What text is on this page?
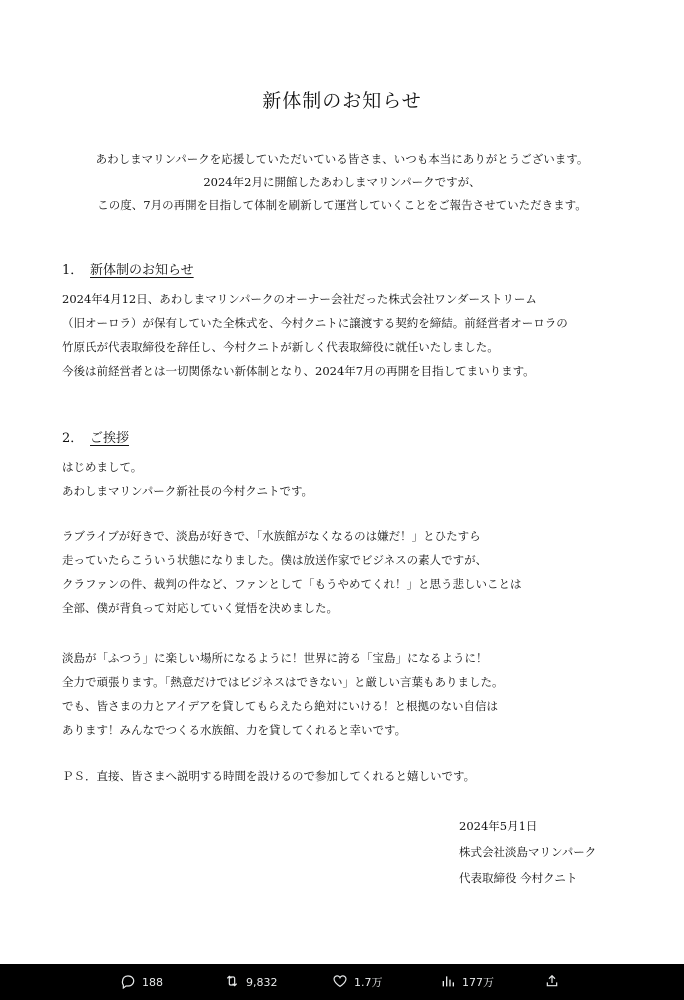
新体制のお知らせ
あわしまマリンパークを応援していただいている皆さま、いつも本当にありがとうございます。
2024年2月に開館したあわしまマリンパークですが、
この度、7月の再開を目指して体制を刷新して運営していくことをご報告させていただきます。
1． 新体制のお知らせ
2024年4月12日、あわしまマリンパークのオーナー会社だった株式会社ワンダーストリーム
（旧オーロラ）が保有していた全株式を、今村クニトに譲渡する契約を締結。前経営者オーロラの
竹原氏が代表取締役を辞任し、今村クニトが新しく代表取締役に就任いたしました。
今後は前経営者とは一切関係ない新体制となり、2024年7月の再開を目指してまいります。
2． ご挨拶
はじめまして。
あわしまマリンパーク新社長の今村クニトです。
ラブライブが好きで、淡島が好きで、「水族館がなくなるのは嫌だ！」とひたすら
走っていたらこういう状態になりました。僕は放送作家でビジネスの素人ですが、
クラファンの件、裁判の件など、ファンとして「もうやめてくれ！」と思う悲しいことは
全部、僕が背負って対応していく覚悟を決めました。
淡島が「ふつう」に楽しい場所になるように！世界に誇る「宝島」になるように！
全力で頑張ります。「熱意だけではビジネスはできない」と厳しい言葉もありました。
でも、皆さまの力とアイデアを貸してもらえたら絶対にいける！と根拠のない自信は
あります！みんなでつくる水族館、力を貸してくれると幸いです。
ＰＳ．直接、皆さまへ説明する時間を設けるので参加してくれると嬉しいです。
2024年5月1日
株式会社淡島マリンパーク
代表取締役 今村クニト
188	9,832	1.7万	177万
